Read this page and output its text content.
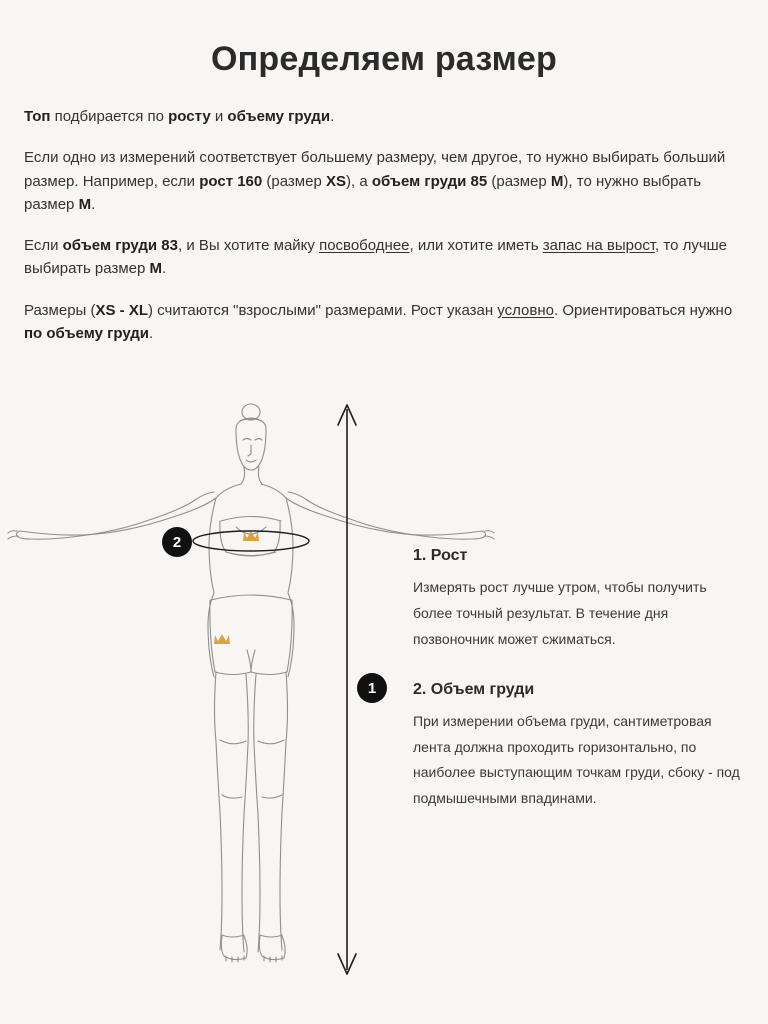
Определяем размер

Топ подбирается по росту и объему груди.

Если одно из измерений соответствует большему размеру, чем другое, то нужно выбирать больший размер. Например, если рост 160 (размер XS), а объем груди 85 (размер M), то нужно выбрать размер M.

Если объем груди 83, и Вы хотите майку посвободнее, или хотите иметь запас на вырост, то лучше выбирать размер M.

Размеры (XS - XL) считаются "взрослыми" размерами. Рост указан условно. Ориентироваться нужно по объему груди.

2
1

1. Рост

Измерять рост лучше утром, чтобы получить более точный результат. В течение дня позвоночник может сжиматься.

2. Объем груди

При измерении объема груди, сантиметровая лента должна проходить горизонтально, по наиболее выступающим точкам груди, сбоку - под подмышечными впадинами.
